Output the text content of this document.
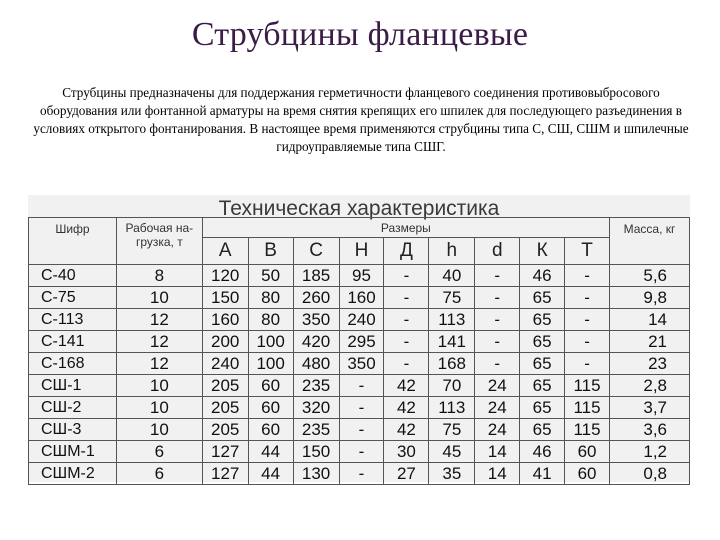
Струбцины фланцевые
Струбцины предназначены для поддержания герметичности фланцевого соединения противовыбросового оборудования или фонтанной арматуры на время снятия крепящих его шпилек для последующего разъединения в условиях открытого фонтанирования. В настоящее время применяются струбцины типа С, СШ, СШМ и шпилечные гидроуправляемые типа СШГ.
Техническая характеристика
Шифр	Рабочая на-грузка, т	Размеры									Масса, кг
		А	В	С	Н	Д	h	d	К	Т	
С-40	8	120	50	185	95	-	40	-	46	-	5,6
С-75	10	150	80	260	160	-	75	-	65	-	9,8
С-113	12	160	80	350	240	-	113	-	65	-	14
С-141	12	200	100	420	295	-	141	-	65	-	21
С-168	12	240	100	480	350	-	168	-	65	-	23
СШ-1	10	205	60	235	-	42	70	24	65	115	2,8
СШ-2	10	205	60	320	-	42	113	24	65	115	3,7
СШ-3	10	205	60	235	-	42	75	24	65	115	3,6
СШМ-1	6	127	44	150	-	30	45	14	46	60	1,2
СШМ-2	6	127	44	130	-	27	35	14	41	60	0,8
